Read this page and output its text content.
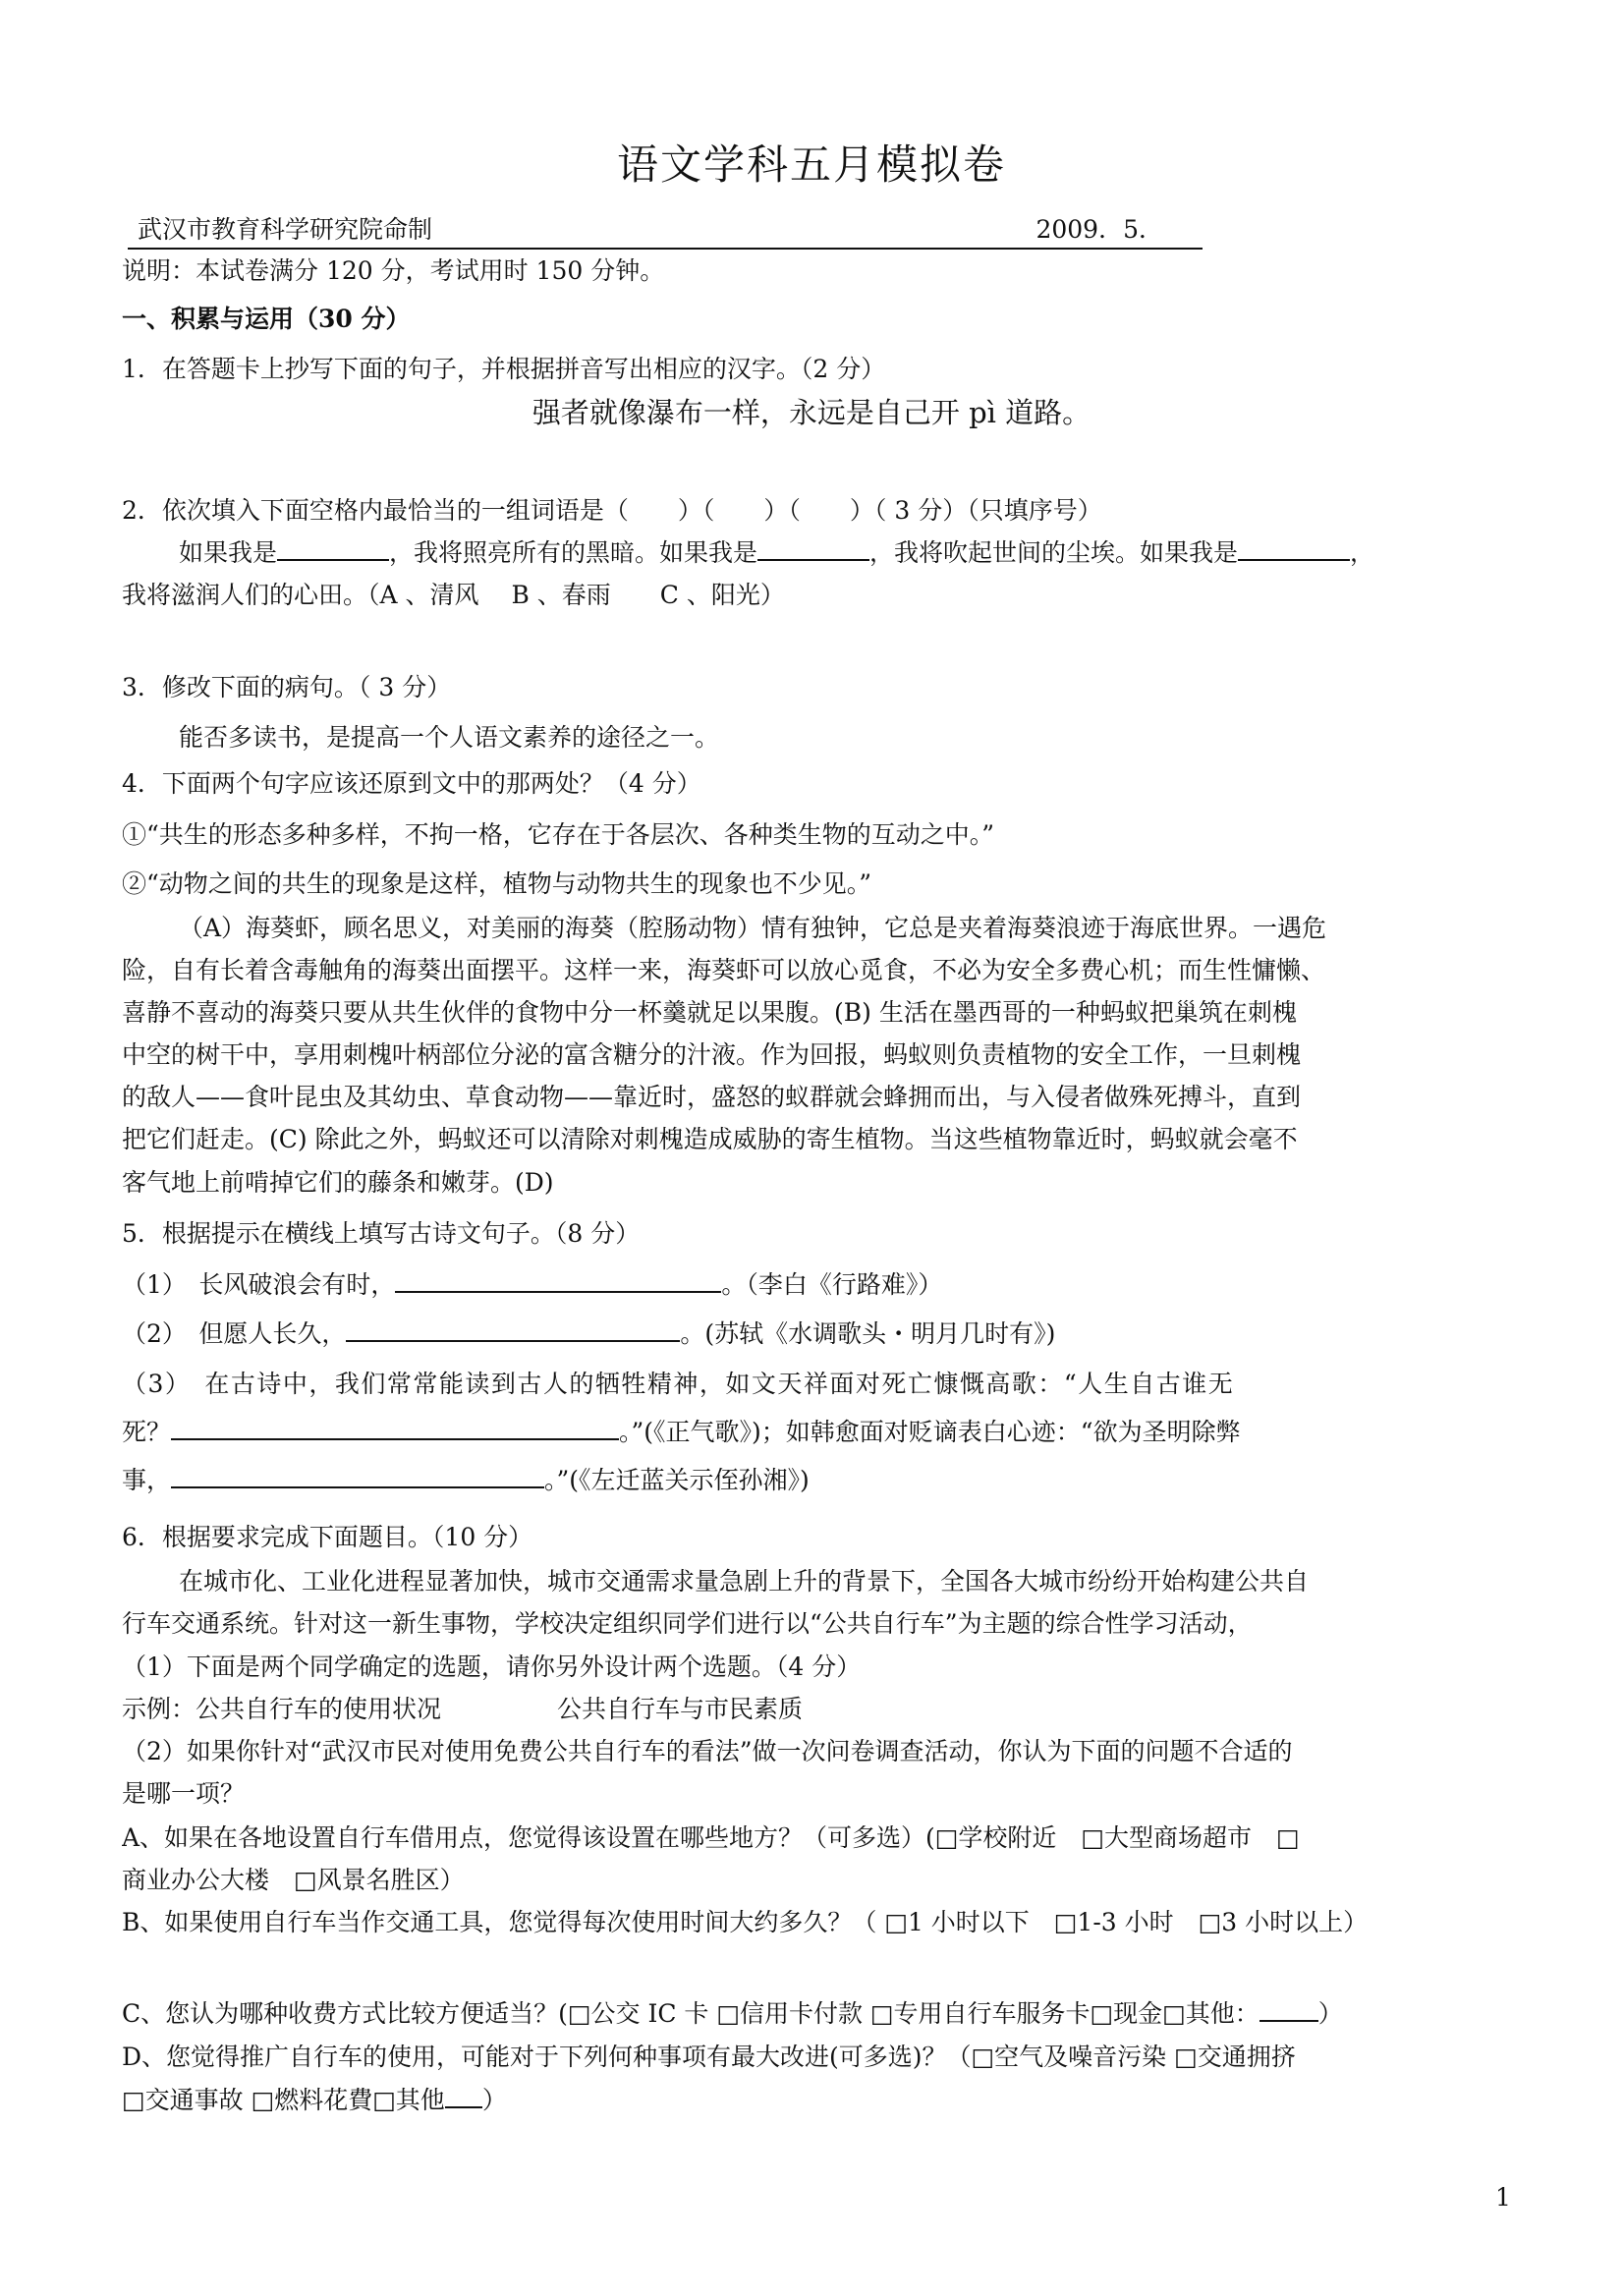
语文学科五月模拟卷
武汉市教育科学研究院命制	2009．5．
说明：本试卷满分 120 分，考试用时 150 分钟。
一、积累与运用（30 分）
1．在答题卡上抄写下面的句子，并根据拼音写出相应的汉字。（2 分）
强者就像瀑布一样，永远是自己开 pì 道路。
2．依次填入下面空格内最恰当的一组词语是（　　）（　　）（　　）（ 3 分）（只填序号）
如果我是	，我将照亮所有的黑暗。如果我是	，我将吹起世间的尘埃。如果我是	，
我将滋润人们的心田。（A 、清风　 B 、春雨　　C 、阳光）
3．修改下面的病句。（ 3 分）
能否多读书，是提高一个人语文素养的途径之一。
4．下面两个句字应该还原到文中的那两处？（4 分）
①“共生的形态多种多样，不拘一格，它存在于各层次、各种类生物的互动之中。”
②“动物之间的共生的现象是这样，植物与动物共生的现象也不少见。”
（A）海葵虾，顾名思义，对美丽的海葵（腔肠动物）情有独钟，它总是夹着海葵浪迹于海底世界。一遇危
险，自有长着含毒触角的海葵出面摆平。这样一来，海葵虾可以放心觅食，不必为安全多费心机；而生性慵懒、
喜静不喜动的海葵只要从共生伙伴的食物中分一杯羹就足以果腹。(B) 生活在墨西哥的一种蚂蚁把巢筑在刺槐
中空的树干中，享用刺槐叶柄部位分泌的富含糖分的汁液。作为回报，蚂蚁则负责植物的安全工作，一旦刺槐
的敌人——食叶昆虫及其幼虫、草食动物——靠近时，盛怒的蚁群就会蜂拥而出，与入侵者做殊死搏斗，直到
把它们赶走。(C) 除此之外，蚂蚁还可以清除对刺槐造成威胁的寄生植物。当这些植物靠近时，蚂蚁就会毫不
客气地上前啃掉它们的藤条和嫩芽。(D)
5．根据提示在横线上填写古诗文句子。（8 分）
（1）　长风破浪会有时，	。（李白《行路难》）
（2）　但愿人长久，	。(苏轼《水调歌头・明月几时有》)
（3）　在古诗中，我们常常能读到古人的牺牲精神，如文天祥面对死亡慷慨高歌：“人生自古谁无
死？	。”(《正气歌》)；如韩愈面对贬谪表白心迹：“欲为圣明除弊
事，	。”(《左迁蓝关示侄孙湘》)
6．根据要求完成下面题目。（10 分）
在城市化、工业化进程显著加快，城市交通需求量急剧上升的背景下，全国各大城市纷纷开始构建公共自
行车交通系统。针对这一新生事物，学校决定组织同学们进行以“公共自行车”为主题的综合性学习活动，
（1）下面是两个同学确定的选题，请你另外设计两个选题。（4 分）
示例：公共自行车的使用状况	公共自行车与市民素质
（2）如果你针对“武汉市民对使用免费公共自行车的看法”做一次问卷调查活动，你认为下面的问题不合适的
是哪一项？
A、如果在各地设置自行车借用点，您觉得该设置在哪些地方？（可多选）(□学校附近　□大型商场超市　□
商业办公大楼　□风景名胜区）
B、如果使用自行车当作交通工具，您觉得每次使用时间大约多久？（ □1 小时以下　□1-3 小时　□3 小时以上）
C、您认为哪种收费方式比较方便适当？(□公交 IC 卡 □信用卡付款 □专用自行车服务卡□现金□其他： ）
D、您觉得推广自行车的使用，可能对于下列何种事项有最大改进(可多选)？（□空气及噪音污染 □交通拥挤
□交通事故 □燃料花費□其他 ）
1
